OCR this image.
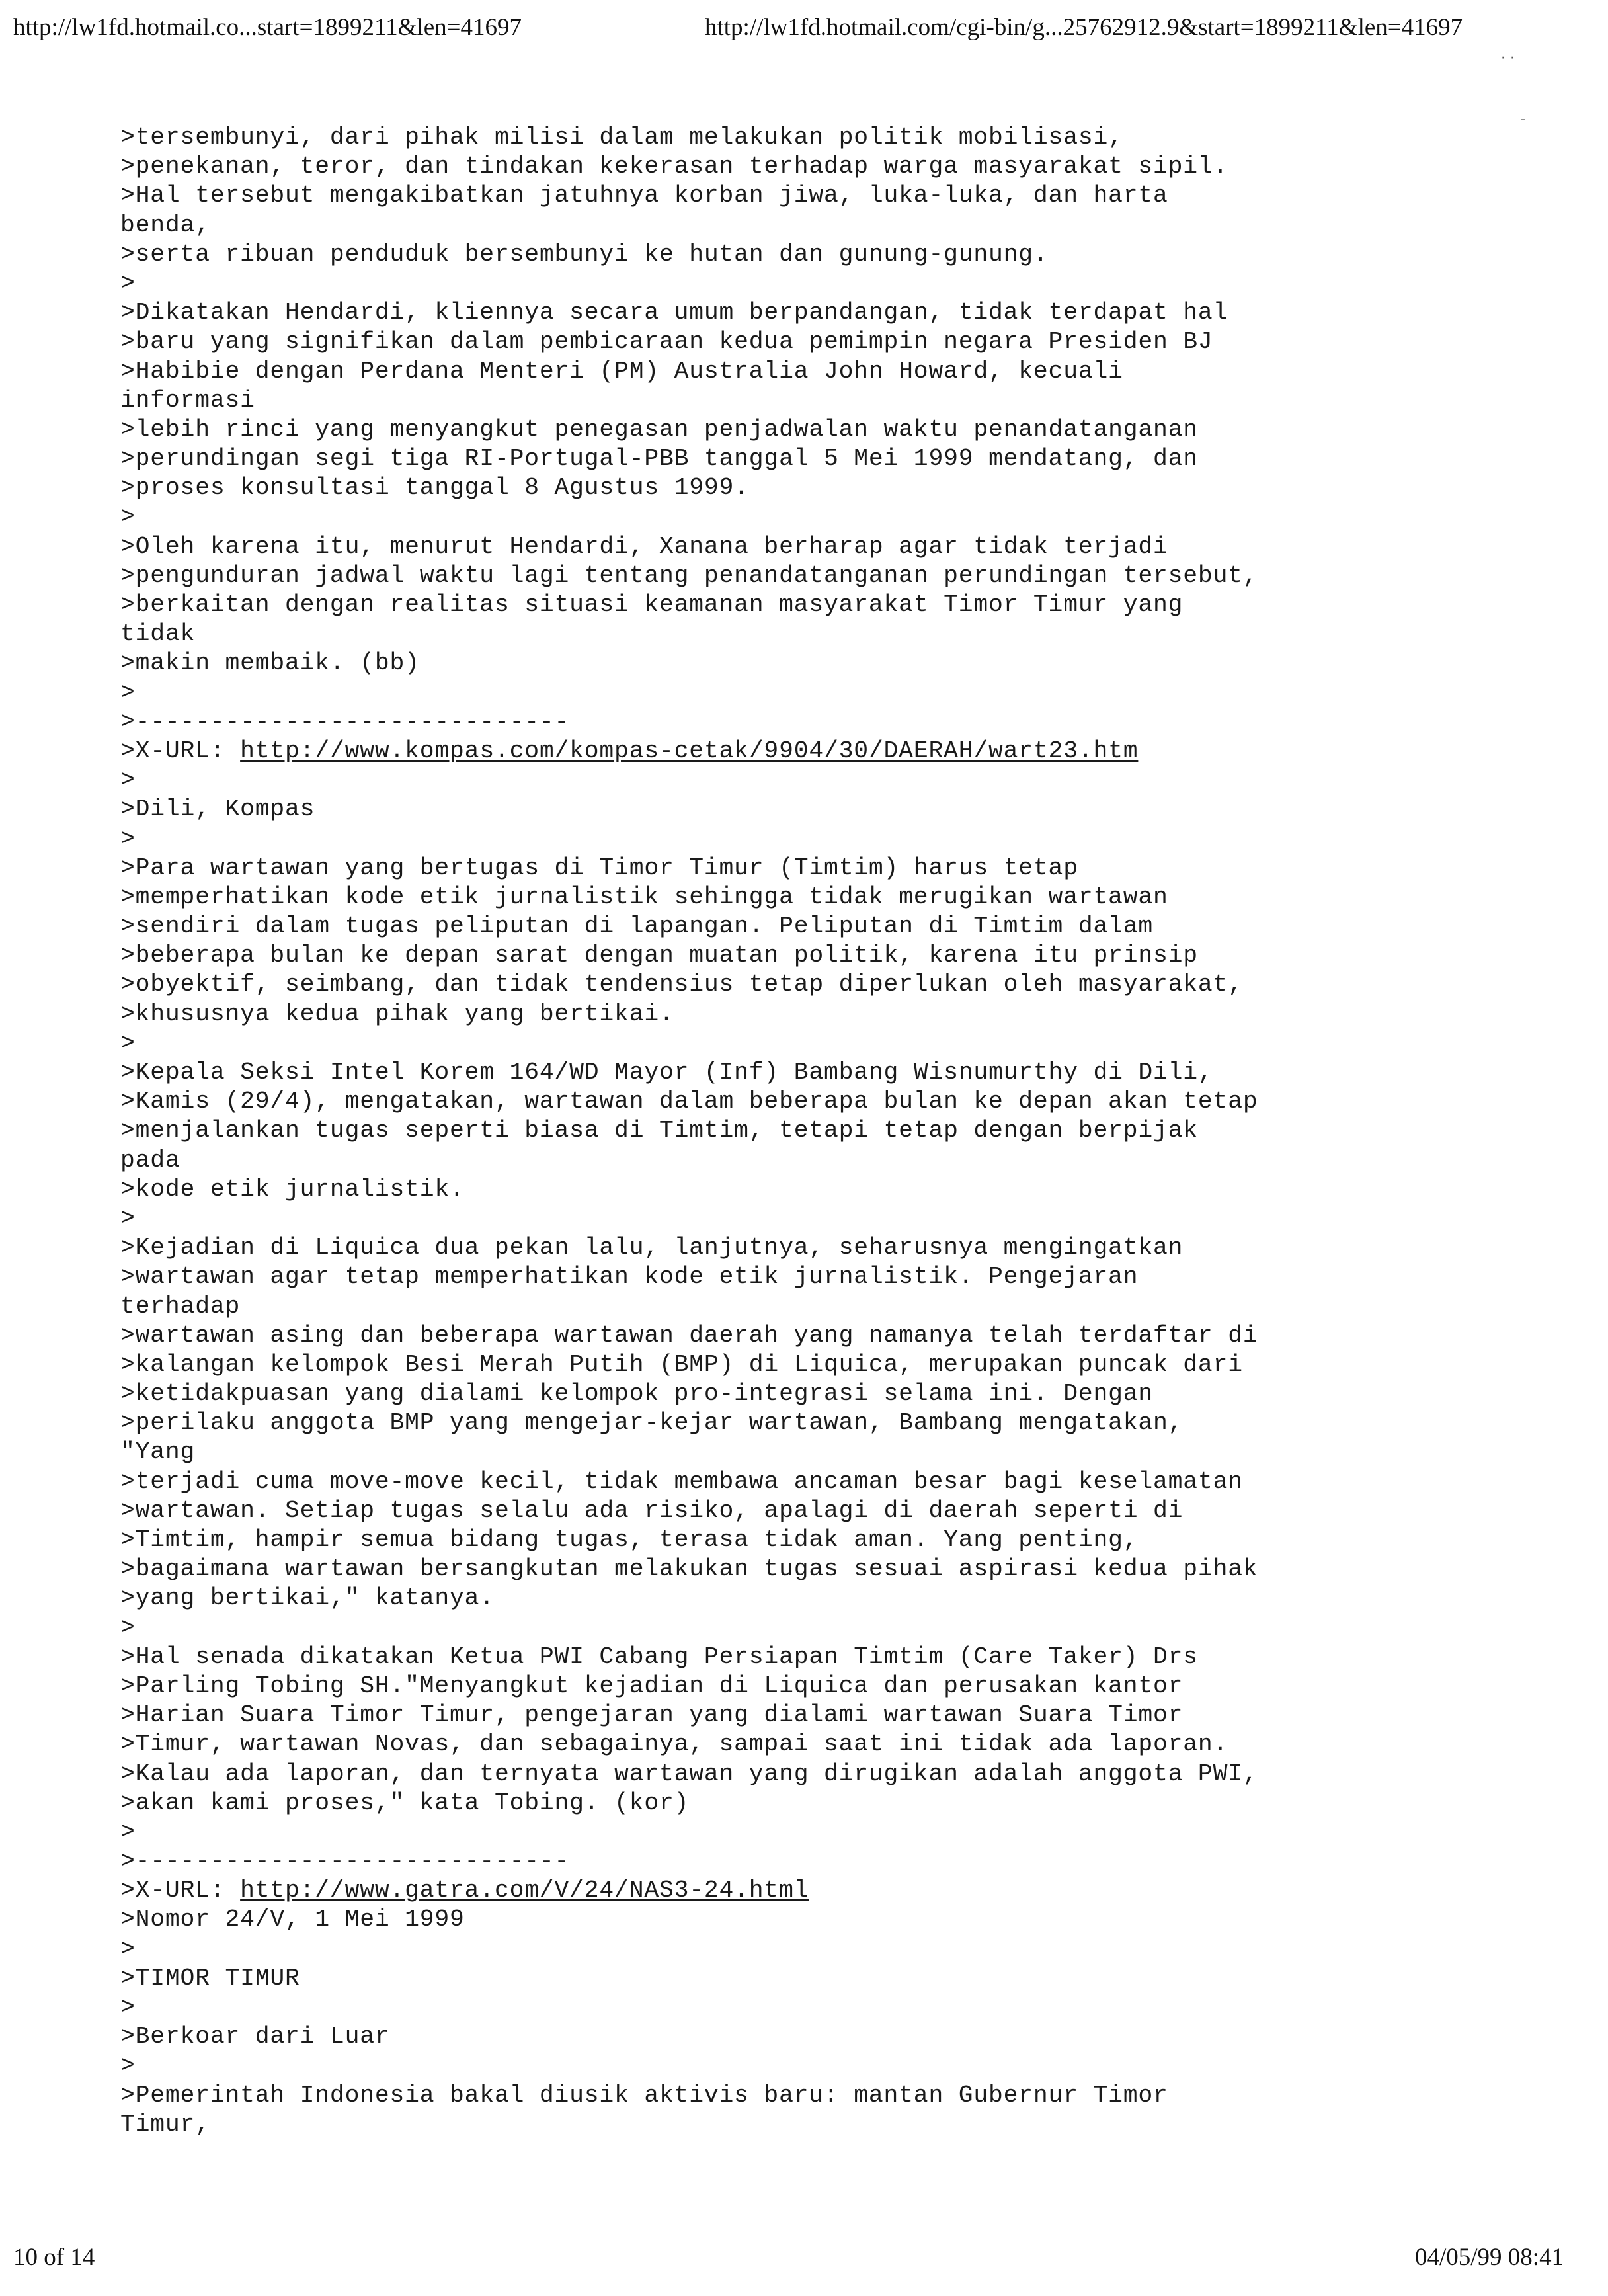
http://lw1fd.hotmail.co...start=1899211&len=41697	http://lw1fd.hotmail.com/cgi-bin/g...25762912.9&start=1899211&len=41697
· ·
-
>tersembunyi, dari pihak milisi dalam melakukan politik mobilisasi,
>penekanan, teror, dan tindakan kekerasan terhadap warga masyarakat sipil.
>Hal tersebut mengakibatkan jatuhnya korban jiwa, luka-luka, dan harta
benda,
>serta ribuan penduduk bersembunyi ke hutan dan gunung-gunung.
>
>Dikatakan Hendardi, kliennya secara umum berpandangan, tidak terdapat hal
>baru yang signifikan dalam pembicaraan kedua pemimpin negara Presiden BJ
>Habibie dengan Perdana Menteri (PM) Australia John Howard, kecuali
informasi
>lebih rinci yang menyangkut penegasan penjadwalan waktu penandatanganan
>perundingan segi tiga RI-Portugal-PBB tanggal 5 Mei 1999 mendatang, dan
>proses konsultasi tanggal 8 Agustus 1999.
>
>Oleh karena itu, menurut Hendardi, Xanana berharap agar tidak terjadi
>pengunduran jadwal waktu lagi tentang penandatanganan perundingan tersebut,
>berkaitan dengan realitas situasi keamanan masyarakat Timor Timur yang
tidak
>makin membaik. (bb)
>
>-----------------------------
>X-URL: http://www.kompas.com/kompas-cetak/9904/30/DAERAH/wart23.htm
>
>Dili, Kompas
>
>Para wartawan yang bertugas di Timor Timur (Timtim) harus tetap
>memperhatikan kode etik jurnalistik sehingga tidak merugikan wartawan
>sendiri dalam tugas peliputan di lapangan. Peliputan di Timtim dalam
>beberapa bulan ke depan sarat dengan muatan politik, karena itu prinsip
>obyektif, seimbang, dan tidak tendensius tetap diperlukan oleh masyarakat,
>khususnya kedua pihak yang bertikai.
>
>Kepala Seksi Intel Korem 164/WD Mayor (Inf) Bambang Wisnumurthy di Dili,
>Kamis (29/4), mengatakan, wartawan dalam beberapa bulan ke depan akan tetap
>menjalankan tugas seperti biasa di Timtim, tetapi tetap dengan berpijak
pada
>kode etik jurnalistik.
>
>Kejadian di Liquica dua pekan lalu, lanjutnya, seharusnya mengingatkan
>wartawan agar tetap memperhatikan kode etik jurnalistik. Pengejaran
terhadap
>wartawan asing dan beberapa wartawan daerah yang namanya telah terdaftar di
>kalangan kelompok Besi Merah Putih (BMP) di Liquica, merupakan puncak dari
>ketidakpuasan yang dialami kelompok pro-integrasi selama ini. Dengan
>perilaku anggota BMP yang mengejar-kejar wartawan, Bambang mengatakan,
"Yang
>terjadi cuma move-move kecil, tidak membawa ancaman besar bagi keselamatan
>wartawan. Setiap tugas selalu ada risiko, apalagi di daerah seperti di
>Timtim, hampir semua bidang tugas, terasa tidak aman. Yang penting,
>bagaimana wartawan bersangkutan melakukan tugas sesuai aspirasi kedua pihak
>yang bertikai," katanya.
>
>Hal senada dikatakan Ketua PWI Cabang Persiapan Timtim (Care Taker) Drs
>Parling Tobing SH."Menyangkut kejadian di Liquica dan perusakan kantor
>Harian Suara Timor Timur, pengejaran yang dialami wartawan Suara Timor
>Timur, wartawan Novas, dan sebagainya, sampai saat ini tidak ada laporan.
>Kalau ada laporan, dan ternyata wartawan yang dirugikan adalah anggota PWI,
>akan kami proses," kata Tobing. (kor)
>
>-----------------------------
>X-URL: http://www.gatra.com/V/24/NAS3-24.html
>Nomor 24/V, 1 Mei 1999
>
>TIMOR TIMUR
>
>Berkoar dari Luar
>
>Pemerintah Indonesia bakal diusik aktivis baru: mantan Gubernur Timor
Timur,
10 of 14	04/05/99 08:41
